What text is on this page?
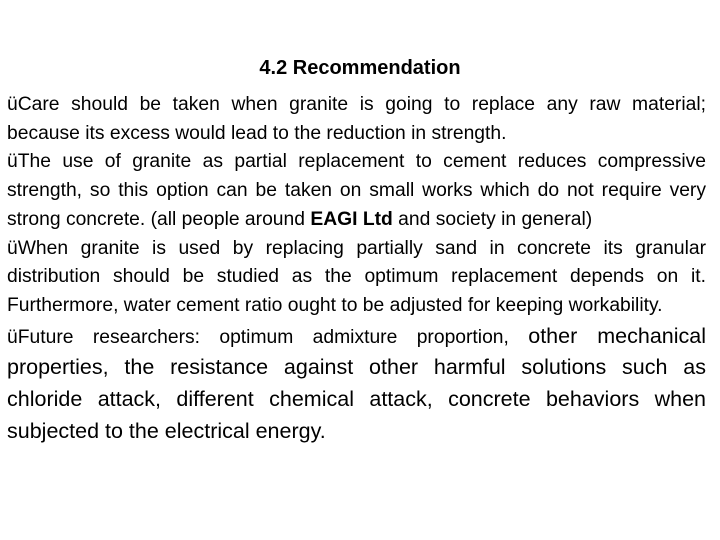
4.2 Recommendation

üCare should be taken when granite is going to replace any raw material; because its excess would lead to the reduction in strength.

üThe use of granite as partial replacement to cement reduces compressive strength, so this option can be taken on small works which do not require very strong concrete. (all people around EAGI Ltd and society in general)

üWhen granite is used by replacing partially sand in concrete its granular distribution should be studied as the optimum replacement depends on it. Furthermore, water cement ratio ought to be adjusted for keeping workability.

üFuture researchers: optimum admixture proportion, other mechanical properties, the resistance against other harmful solutions such as chloride attack, different chemical attack, concrete behaviors when subjected to the electrical energy.
